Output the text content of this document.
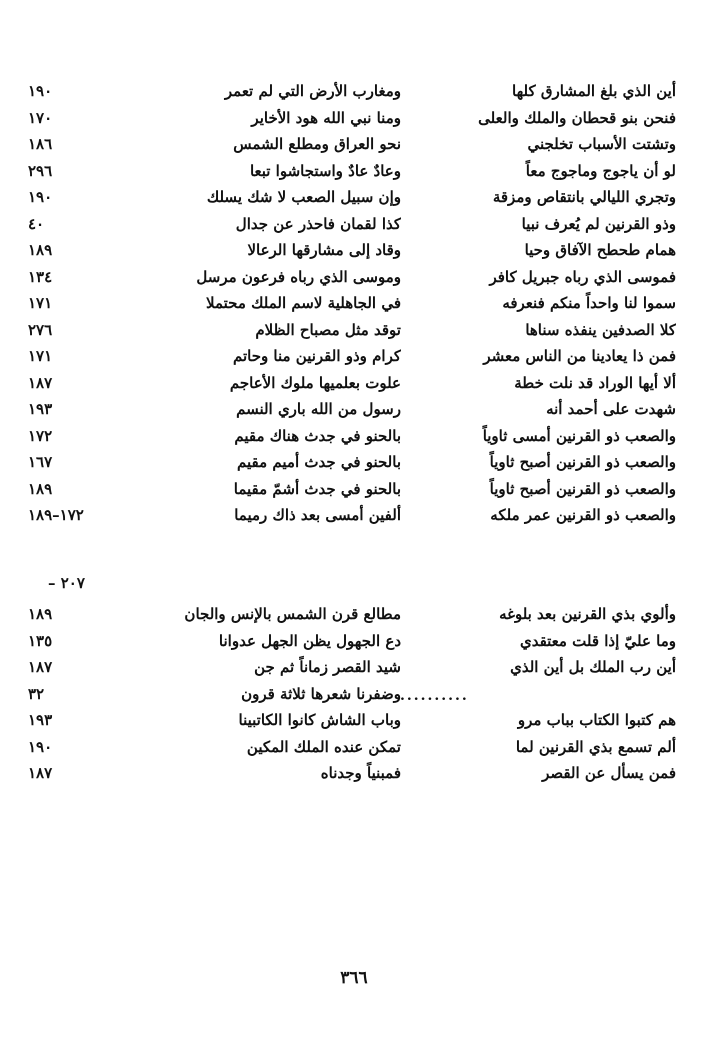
أين الذي بلغ المشارق كلها
ومغارب الأرض التي لم تعمر
١٩٠
فنحن بنو قحطان والملك والعلى
ومنا نبي الله هود الأخاير
١٧٠
وتشتت الأسباب تخلجني
نحو العراق ومطلع الشمس
١٨٦
لو أن ياجوج وماجوج معاً
وعادٌ عادٌ واستجاشوا تبعا
٢٩٦
وتجري الليالي بانتقاص ومزقة
وإن سبيل الصعب لا شك يسلك
١٩٠
وذو القرنين لم يُعرف نبيا
كذا لقمان فاحذر عن جدال
٤٠
همام طحطح الآفاق وحيا
وقاد إلى مشارقها الرعالا
١٨٩
فموسى الذي رباه جبريل كافر
وموسى الذي رباه فرعون مرسل
١٣٤
سموا لنا واحداً منكم فنعرفه
في الجاهلية لاسم الملك محتملا
١٧١
كلا الصدفين ينفذه سناها
توقد مثل مصباح الظلام
٢٧٦
فمن ذا يعادينا من الناس معشر
كرام وذو القرنين منا وحاتم
١٧١
ألا أيها الوراد قد نلت خطة
علوت بعلميها ملوك الأعاجم
١٨٧
شهدت على أحمد أنه
رسول من الله باري النسم
١٩٣
والصعب ذو القرنين أمسى ثاوياً
بالحنو في جدث هناك مقيم
١٧٢
والصعب ذو القرنين أصبح ثاوياً
بالحنو في جدث أميم مقيم
١٦٧
والصعب ذو القرنين أصبح ثاوياً
بالحنو في جدث أشمّ مقيما
١٨٩
والصعب ذو القرنين عمر ملكه
ألفين أمسى بعد ذاك رميما
١٧٢–١٨٩
– ٢٠٧
وألوي بذي القرنين بعد بلوغه
مطالع قرن الشمس بالإنس والجان
١٨٩
وما عليّ إذا قلت معتقدي
دع الجهول يظن الجهل عدوانا
١٣٥
أين رب الملك بل أين الذي
شيد القصر زماناً ثم جن
١٨٧
وضفرنا شعرها ثلاثة قرون
٣٢
هم كتبوا الكتاب بباب مرو
وباب الشاش كانوا الكاتبينا
١٩٣
ألم تسمع بذي القرنين لما
تمكن عنده الملك المكين
١٩٠
فمن يسأل عن القصر
فمبنياً وجدناه
١٨٧
..........
٣٦٦
